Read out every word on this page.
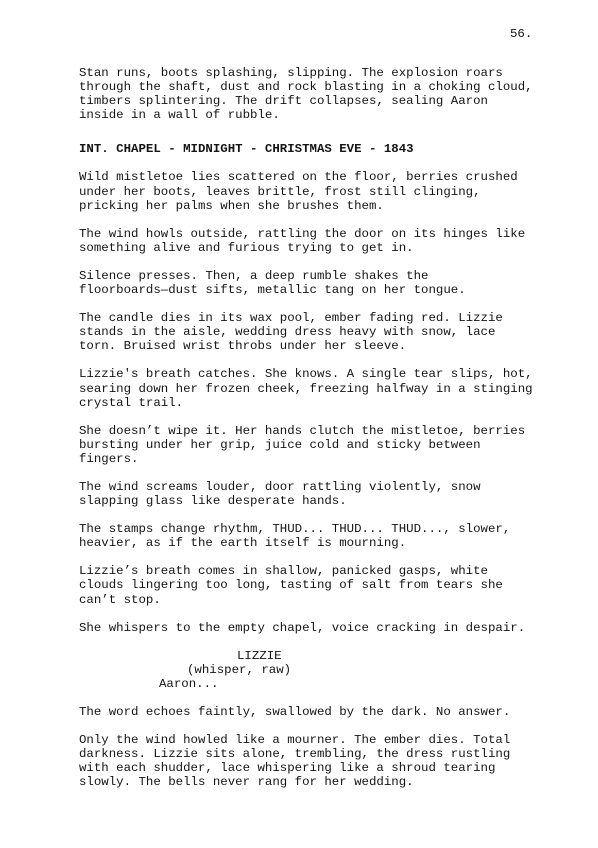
56.
Stan runs, boots splashing, slipping. The explosion roars
through the shaft, dust and rock blasting in a choking cloud,
timbers splintering. The drift collapses, sealing Aaron
inside in a wall of rubble.
INT. CHAPEL - MIDNIGHT - CHRISTMAS EVE - 1843
Wild mistletoe lies scattered on the floor, berries crushed
under her boots, leaves brittle, frost still clinging,
pricking her palms when she brushes them.
The wind howls outside, rattling the door on its hinges like
something alive and furious trying to get in.
Silence presses. Then, a deep rumble shakes the
floorboards—dust sifts, metallic tang on her tongue.
The candle dies in its wax pool, ember fading red. Lizzie
stands in the aisle, wedding dress heavy with snow, lace
torn. Bruised wrist throbs under her sleeve.
Lizzie's breath catches. She knows. A single tear slips, hot,
searing down her frozen cheek, freezing halfway in a stinging
crystal trail.
She doesn’t wipe it. Her hands clutch the mistletoe, berries
bursting under her grip, juice cold and sticky between
fingers.
The wind screams louder, door rattling violently, snow
slapping glass like desperate hands.
The stamps change rhythm, THUD... THUD... THUD..., slower,
heavier, as if the earth itself is mourning.
Lizzie’s breath comes in shallow, panicked gasps, white
clouds lingering too long, tasting of salt from tears she
can’t stop.
She whispers to the empty chapel, voice cracking in despair.
LIZZIE
(whisper, raw)
Aaron...
The word echoes faintly, swallowed by the dark. No answer.
Only the wind howled like a mourner. The ember dies. Total
darkness. Lizzie sits alone, trembling, the dress rustling
with each shudder, lace whispering like a shroud tearing
slowly. The bells never rang for her wedding.
